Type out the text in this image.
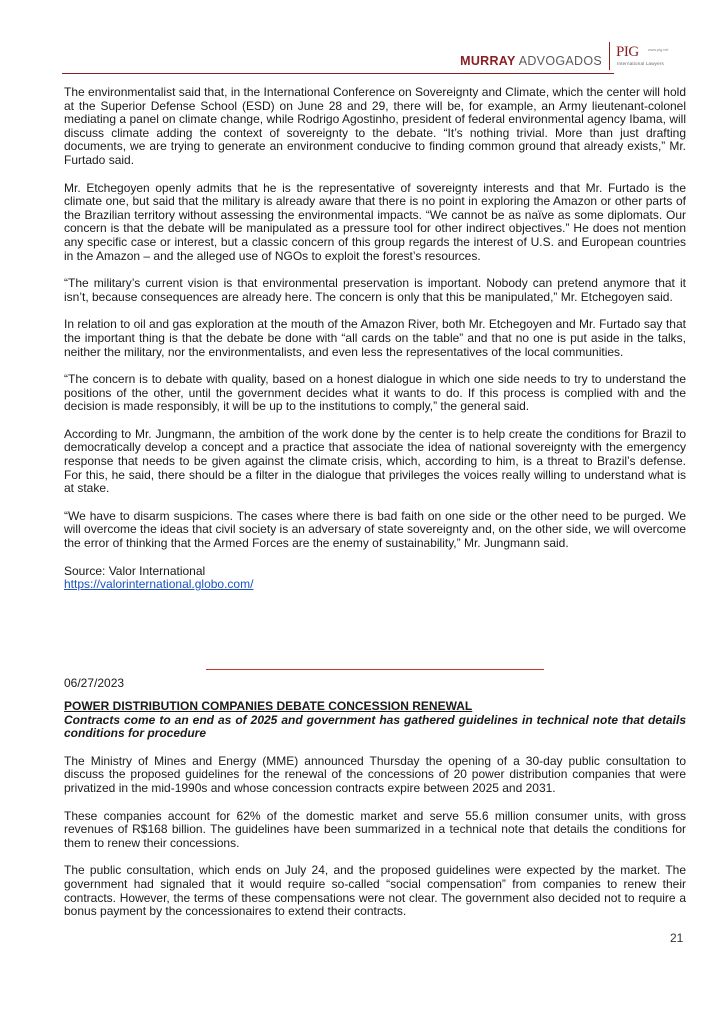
MURRAY ADVOGADOS
PIG www.pig.net
International Lawyers

The environmentalist said that, in the International Conference on Sovereignty and Climate, which the center will hold at the Superior Defense School (ESD) on June 28 and 29, there will be, for example, an Army lieutenant-colonel mediating a panel on climate change, while Rodrigo Agostinho, president of federal environmental agency Ibama, will discuss climate adding the context of sovereignty to the debate. “It’s nothing trivial. More than just drafting documents, we are trying to generate an environment conducive to finding common ground that already exists,” Mr. Furtado said.

Mr. Etchegoyen openly admits that he is the representative of sovereignty interests and that Mr. Furtado is the climate one, but said that the military is already aware that there is no point in exploring the Amazon or other parts of the Brazilian territory without assessing the environmental impacts. “We cannot be as naïve as some diplomats. Our concern is that the debate will be manipulated as a pressure tool for other indirect objectives.” He does not mention any specific case or interest, but a classic concern of this group regards the interest of U.S. and European countries in the Amazon – and the alleged use of NGOs to exploit the forest’s resources.

“The military’s current vision is that environmental preservation is important. Nobody can pretend anymore that it isn’t, because consequences are already here. The concern is only that this be manipulated,” Mr. Etchegoyen said.

In relation to oil and gas exploration at the mouth of the Amazon River, both Mr. Etchegoyen and Mr. Furtado say that the important thing is that the debate be done with “all cards on the table” and that no one is put aside in the talks, neither the military, nor the environmentalists, and even less the representatives of the local communities.

“The concern is to debate with quality, based on a honest dialogue in which one side needs to try to understand the positions of the other, until the government decides what it wants to do. If this process is complied with and the decision is made responsibly, it will be up to the institutions to comply,” the general said.

According to Mr. Jungmann, the ambition of the work done by the center is to help create the conditions for Brazil to democratically develop a concept and a practice that associate the idea of national sovereignty with the emergency response that needs to be given against the climate crisis, which, according to him, is a threat to Brazil’s defense. For this, he said, there should be a filter in the dialogue that privileges the voices really willing to understand what is at stake.

“We have to disarm suspicions. The cases where there is bad faith on one side or the other need to be purged. We will overcome the ideas that civil society is an adversary of state sovereignty and, on the other side, we will overcome the error of thinking that the Armed Forces are the enemy of sustainability,” Mr. Jungmann said.

Source: Valor International
https://valorinternational.globo.com/
06/27/2023
POWER DISTRIBUTION COMPANIES DEBATE CONCESSION RENEWAL
Contracts come to an end as of 2025 and government has gathered guidelines in technical note that details conditions for procedure

The Ministry of Mines and Energy (MME) announced Thursday the opening of a 30-day public consultation to discuss the proposed guidelines for the renewal of the concessions of 20 power distribution companies that were privatized in the mid-1990s and whose concession contracts expire between 2025 and 2031.

These companies account for 62% of the domestic market and serve 55.6 million consumer units, with gross revenues of R$168 billion. The guidelines have been summarized in a technical note that details the conditions for them to renew their concessions.

The public consultation, which ends on July 24, and the proposed guidelines were expected by the market. The government had signaled that it would require so-called “social compensation” from companies to renew their contracts. However, the terms of these compensations were not clear. The government also decided not to require a bonus payment by the concessionaires to extend their contracts.

21
